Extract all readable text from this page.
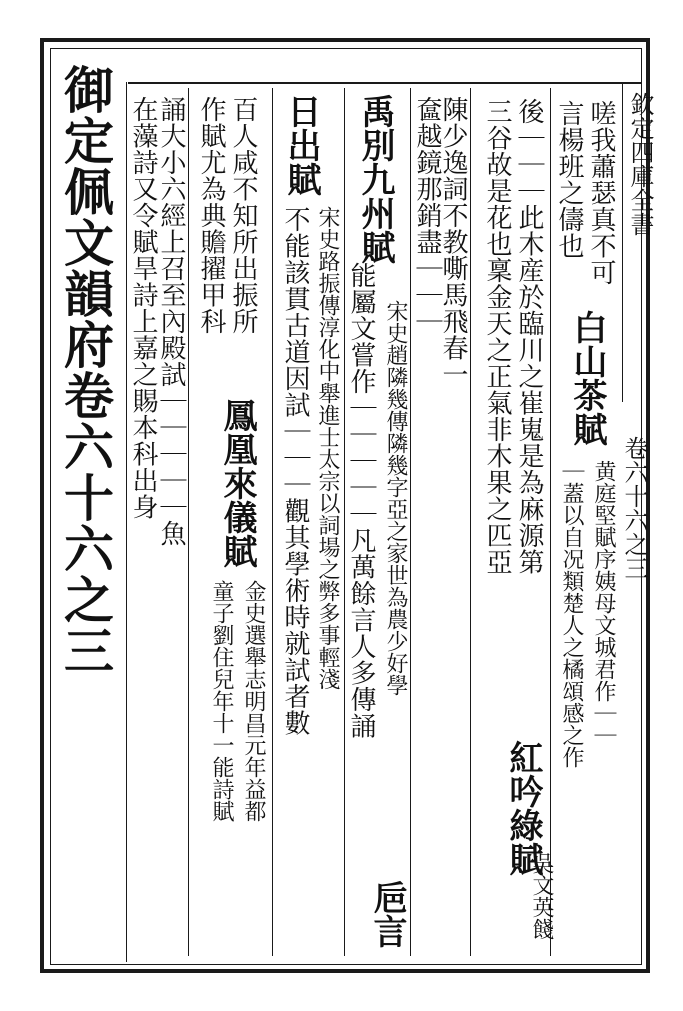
欽定四庫全書
卷六十六之三
御定佩文韻府卷六十六之三	嗟我蕭瑟真不可
言楊班之儔也
白山茶賦
黄庭堅賦序姨母文城君作｜｜
｜蓋以自况類楚人之橘頌感之作
後｜｜｜此木産於臨川之崔嵬是為麻源第
三谷故是花也稟金天之正氣非木果之匹亞
紅吟綠賦
吳文英餞
陳少逸詞不教嘶馬飛春一
奩越鏡那銷盡｜｜｜
禹別九州賦
宋史趙隣幾傳隣幾字亞之家世為農少好學
能屬文嘗作｜｜｜｜｜凡萬餘言人多傳誦
巵言
日出賦
宋史路振傳淳化中舉進士太宗以詞場之弊多事輕淺
不能該貫古道因試｜｜｜觀其學術時就試者數
百人咸不知所出振所
鳳凰來儀賦
金史選舉志明昌元年益都
作賦尤為典贍擢甲科
童子劉住兒年十一能詩賦
誦大小六經上召至內殿試｜｜｜｜｜魚
在藻詩又令賦旱詩上嘉之賜本科出身
